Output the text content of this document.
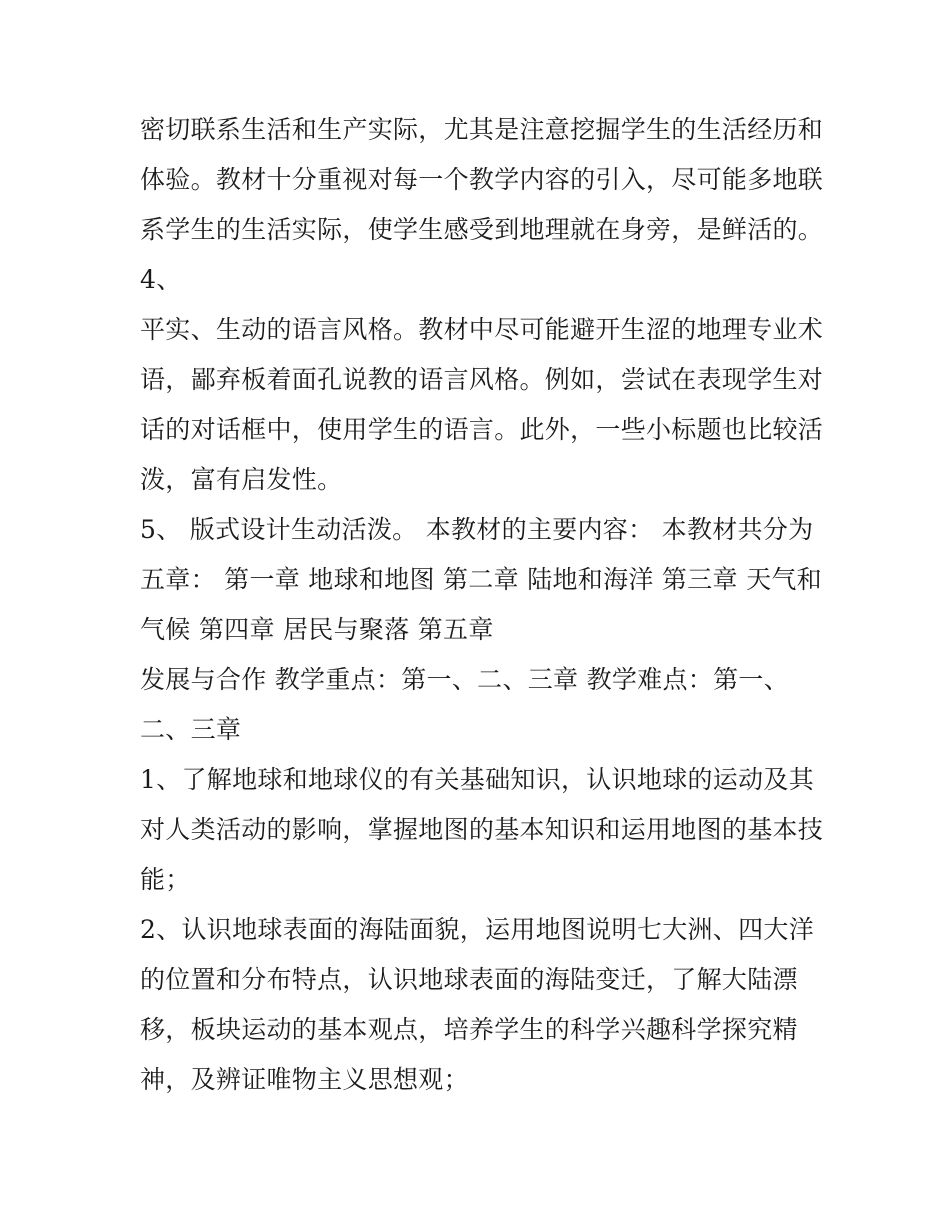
密切联系生活和生产实际，尤其是注意挖掘学生的生活经历和
体验。教材十分重视对每一个教学内容的引入，尽可能多地联
系学生的生活实际，使学生感受到地理就在身旁，是鲜活的。
4、
平实、生动的语言风格。教材中尽可能避开生涩的地理专业术
语，鄙弃板着面孔说教的语言风格。例如，尝试在表现学生对
话的对话框中，使用学生的语言。此外，一些小标题也比较活
泼，富有启发性。
5、 版式设计生动活泼。 本教材的主要内容： 本教材共分为
五章： 第一章 地球和地图 第二章 陆地和海洋 第三章 天气和
气候 第四章 居民与聚落 第五章
发展与合作 教学重点：第一、二、三章 教学难点：第一、
二、三章
1、了解地球和地球仪的有关基础知识，认识地球的运动及其
对人类活动的影响，掌握地图的基本知识和运用地图的基本技
能；
2、认识地球表面的海陆面貌，运用地图说明七大洲、四大洋
的位置和分布特点，认识地球表面的海陆变迁，了解大陆漂
移，板块运动的基本观点，培养学生的科学兴趣科学探究精
神，及辨证唯物主义思想观；
